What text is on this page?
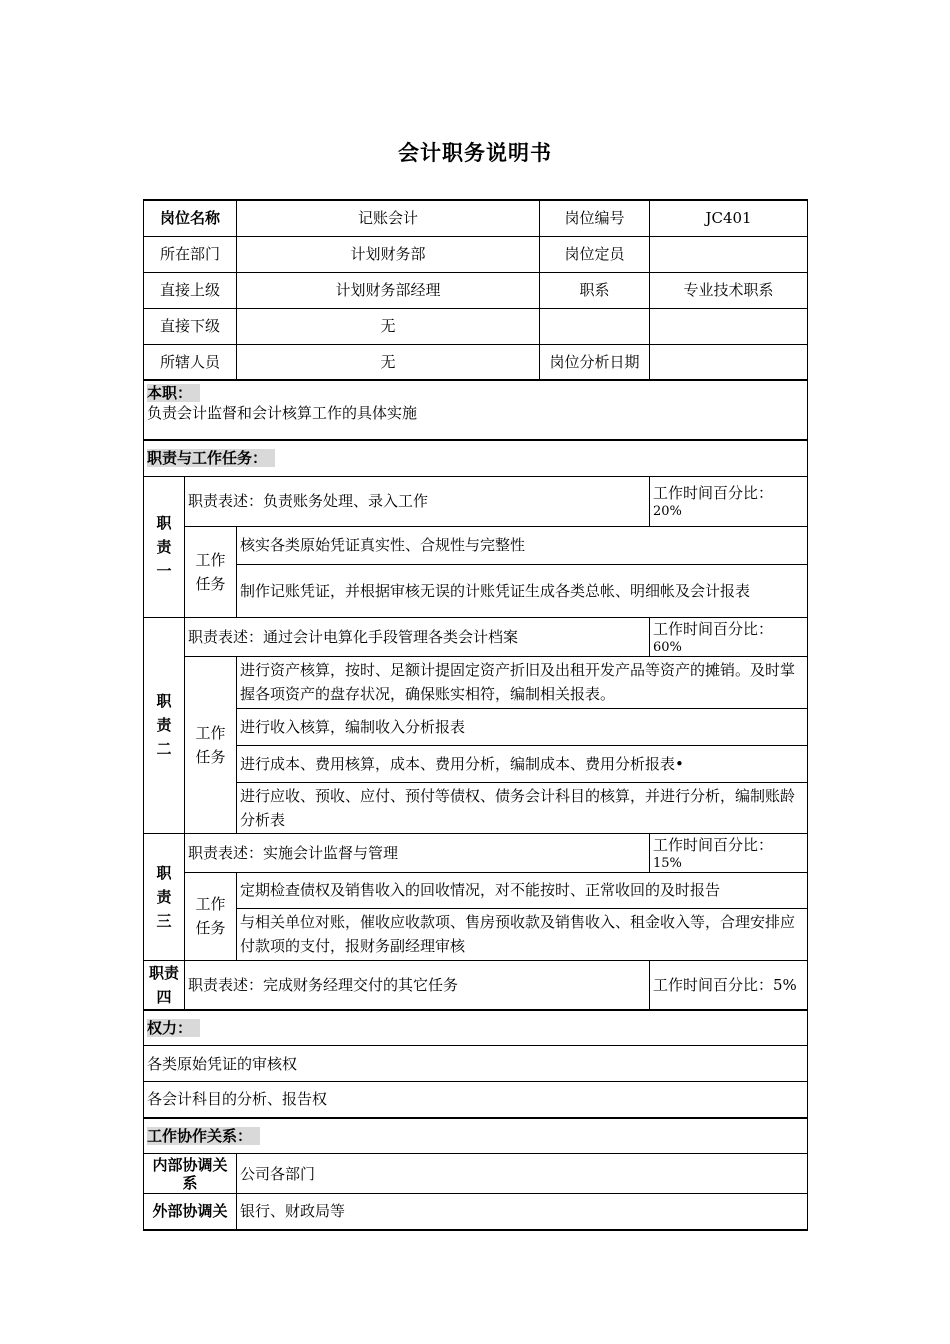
会计职务说明书
岗位名称		记账会计	岗位编号	JC401
所在部门		计划财务部	岗位定员	
直接上级		计划财务部经理	职系	专业技术职系
直接下级		无		
所辖人员		无	岗位分析日期	

本职：
负责会计监督和会计核算工作的具体实施				

职责与工作任务：				

职责一	职责表述：负责账务处理、录入工作			工作时间百分比：
20%

	工作任务	核实各类原始凭证真实性、合规性与完整性		
		制作记账凭证，并根据审核无误的计账凭证生成各类总帐、明细帐及会计报表		

职责二	职责表述：通过会计电算化手段管理各类会计档案			工作时间百分比：
60%

	工作任务	进行资产核算，按时、足额计提固定资产折旧及出租开发产品等资产的摊销。及时掌握各项资产的盘存状况，确保账实相符，编制相关报表。		
		进行收入核算，编制收入分析报表		
		进行成本、费用核算，成本、费用分析，编制成本、费用分析报表•		
		进行应收、预收、应付、预付等债权、债务会计科目的核算，并进行分析，编制账龄分析表		

职责三	职责表述：实施会计监督与管理			工作时间百分比：
15%

	工作任务	定期检查债权及销售收入的回收情况，对不能按时、正常收回的及时报告		
		与相关单位对账，催收应收款项、售房预收款及销售收入、租金收入等，合理安排应付款项的支付，报财务副经理审核		

职责四	职责表述：完成财务经理交付的其它任务			工作时间百分比：5%
权力：				
各类原始凭证的审核权				
各会计科目的分析、报告权				
工作协作关系：				
内部协调关系		公司各部门		
外部协调关		银行、财政局等		
